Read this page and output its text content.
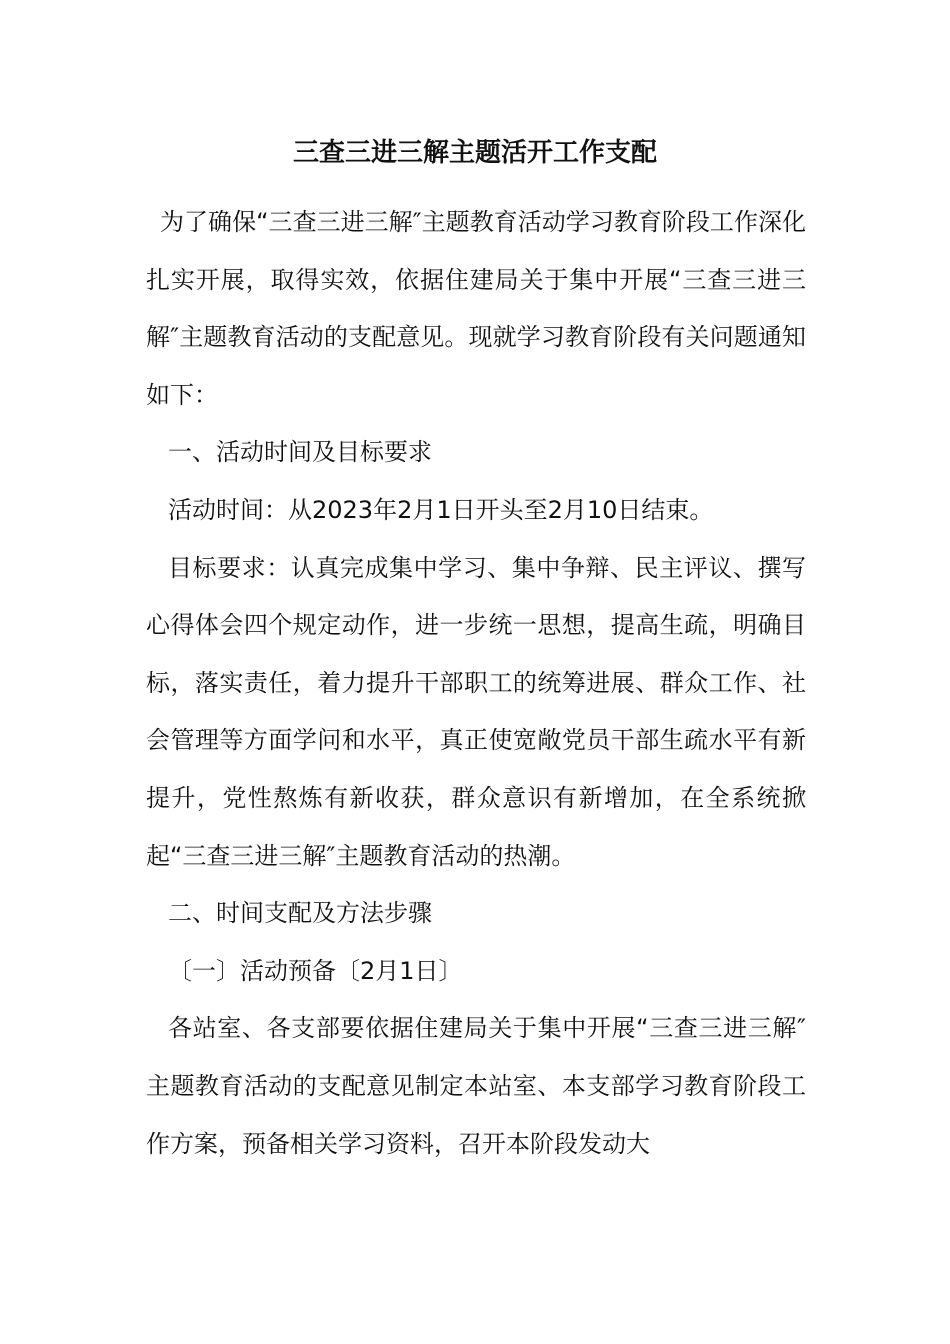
三查三进三解主题活开工作支配

为了确保“三查三进三解″主题教育活动学习教育阶段工作深化扎实开展，取得实效，依据住建局关于集中开展“三查三进三解″主题教育活动的支配意见。现就学习教育阶段有关问题通知如下：

一、活动时间及目标要求

活动时间：从2023年2月1日开头至2月10日结束。

目标要求：认真完成集中学习、集中争辩、民主评议、撰写心得体会四个规定动作，进一步统一思想，提高生疏，明确目标，落实责任，着力提升干部职工的统筹进展、群众工作、社会管理等方面学问和水平，真正使宽敞党员干部生疏水平有新提升，党性熬炼有新收获，群众意识有新增加，在全系统掀起“三查三进三解″主题教育活动的热潮。

二、时间支配及方法步骤

〔一〕活动预备〔2月1日〕

各站室、各支部要依据住建局关于集中开展“三查三进三解″主题教育活动的支配意见制定本站室、本支部学习教育阶段工作方案，预备相关学习资料，召开本阶段发动大
